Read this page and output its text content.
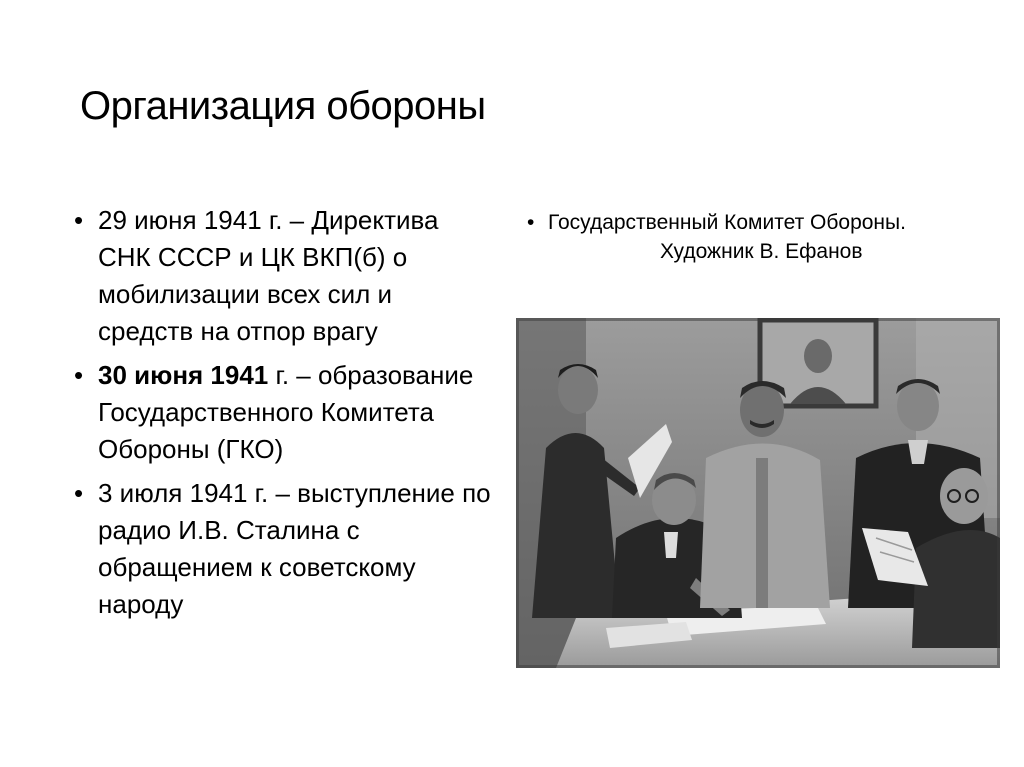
Организация обороны
• 29 июня 1941 г. – Директива СНК СССР и ЦК ВКП(б) о мобилизации всех сил и средств на отпор врагу
• 30 июня 1941 г. – образование Государственного Комитета Обороны (ГКО)
• 3 июля 1941 г. – выступление по радио И.В. Сталина с обращением к советскому народу
• Государственный Комитет Обороны.Художник В. Ефанов
